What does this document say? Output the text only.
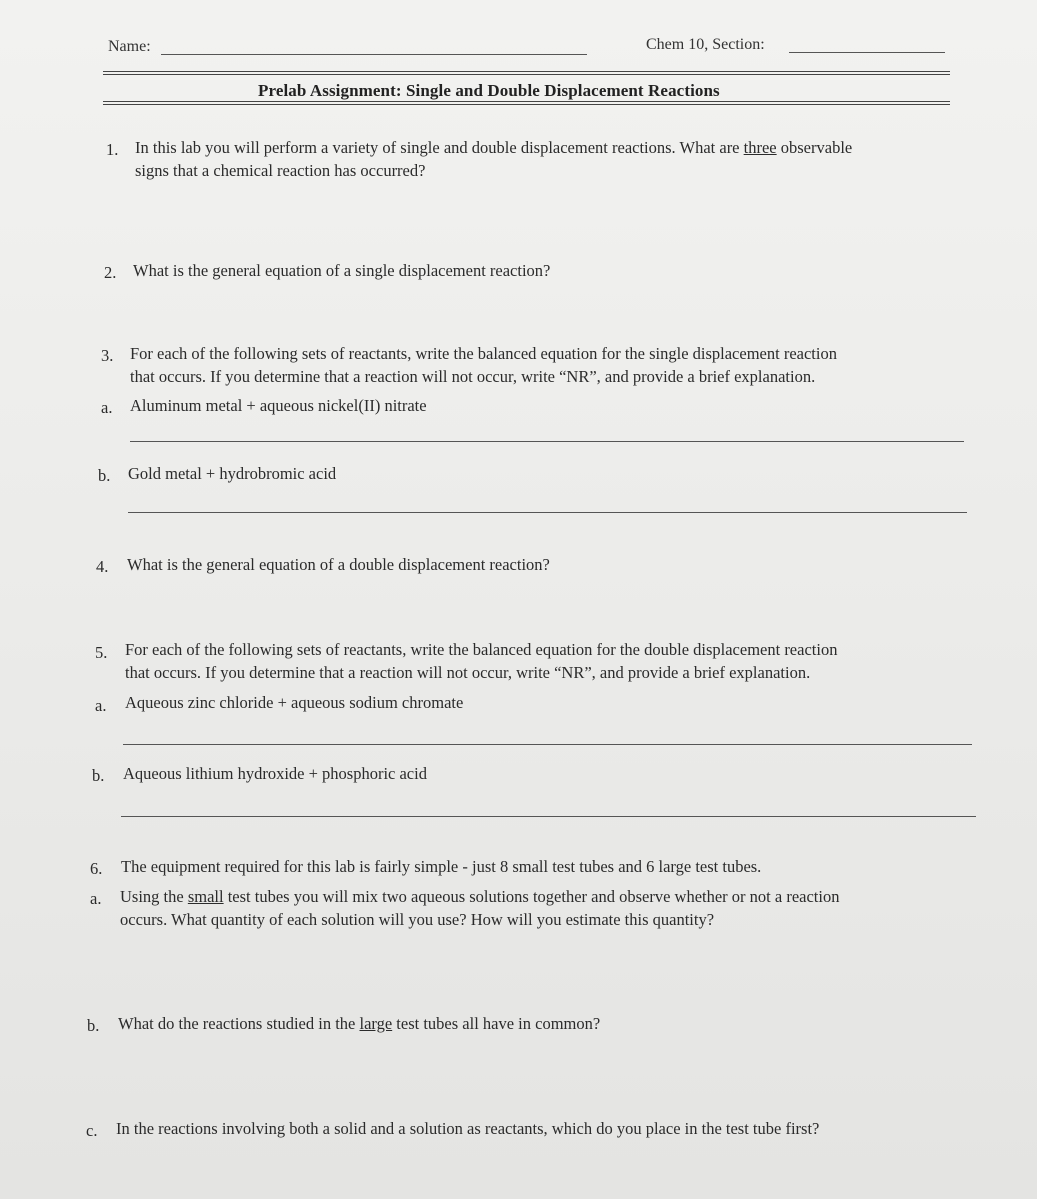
Name:	Chem 10, Section:
Prelab Assignment: Single and Double Displacement Reactions
1. In this lab you will perform a variety of single and double displacement reactions. What are three observable
signs that a chemical reaction has occurred?
2. What is the general equation of a single displacement reaction?
3. For each of the following sets of reactants, write the balanced equation for the single displacement reaction
that occurs. If you determine that a reaction will not occur, write “NR”, and provide a brief explanation.
a. Aluminum metal + aqueous nickel(II) nitrate
b. Gold metal + hydrobromic acid
4. What is the general equation of a double displacement reaction?
5. For each of the following sets of reactants, write the balanced equation for the double displacement reaction
that occurs. If you determine that a reaction will not occur, write “NR”, and provide a brief explanation.
a. Aqueous zinc chloride + aqueous sodium chromate
b. Aqueous lithium hydroxide + phosphoric acid
6. The equipment required for this lab is fairly simple - just 8 small test tubes and 6 large test tubes.
a. Using the small test tubes you will mix two aqueous solutions together and observe whether or not a reaction
occurs. What quantity of each solution will you use? How will you estimate this quantity?
b. What do the reactions studied in the large test tubes all have in common?
c. In the reactions involving both a solid and a solution as reactants, which do you place in the test tube first?
